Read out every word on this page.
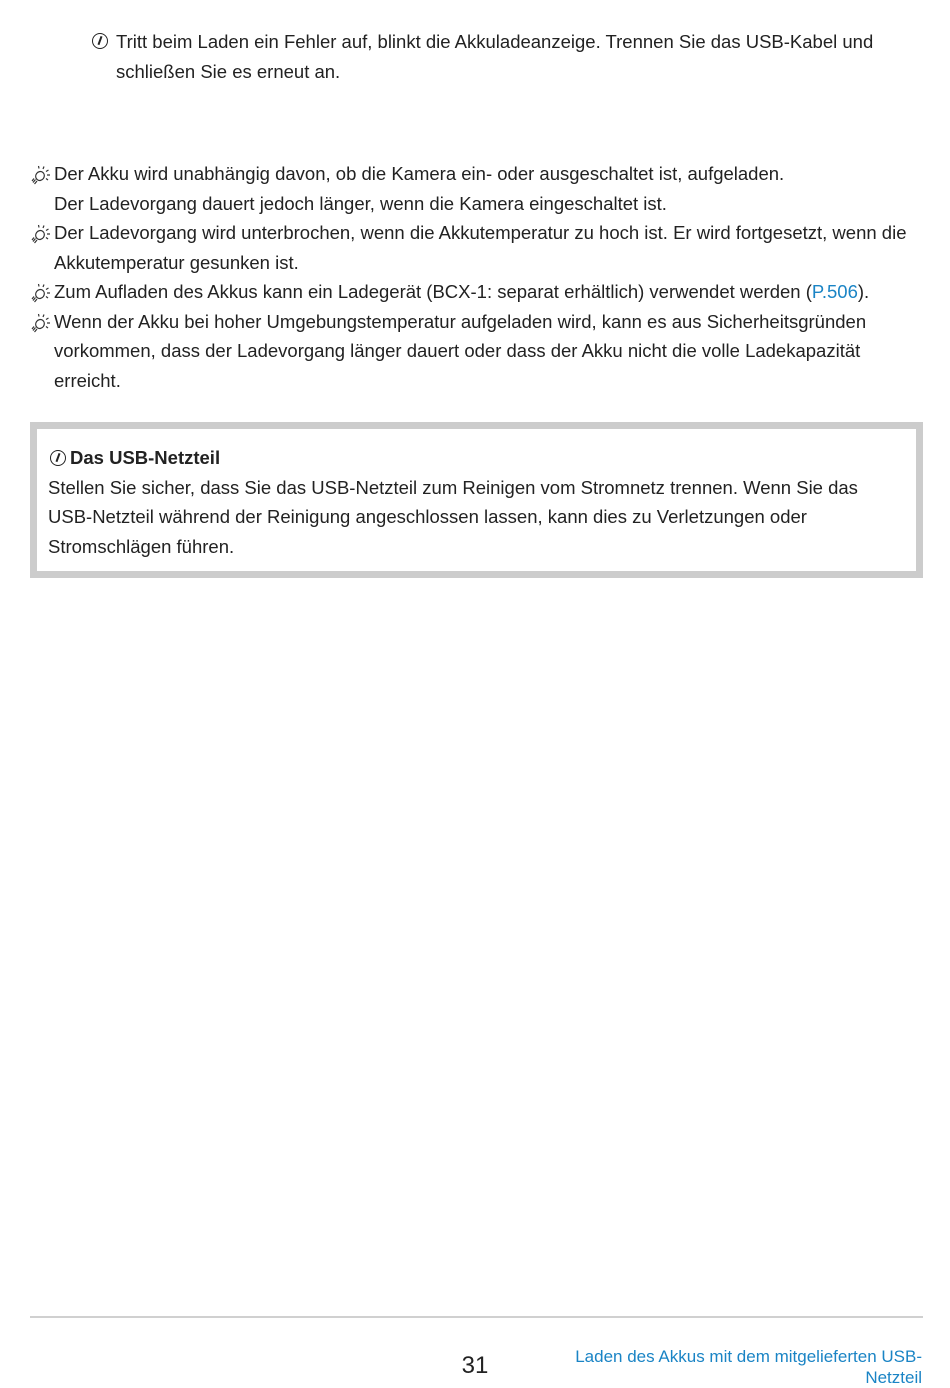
Tritt beim Laden ein Fehler auf, blinkt die Akkuladeanzeige. Trennen Sie das USB-Kabel und schließen Sie es erneut an.
Der Akku wird unabhängig davon, ob die Kamera ein- oder ausgeschaltet ist, aufgeladen.
Der Ladevorgang dauert jedoch länger, wenn die Kamera eingeschaltet ist.
Der Ladevorgang wird unterbrochen, wenn die Akkutemperatur zu hoch ist. Er wird fortgesetzt, wenn die Akkutemperatur gesunken ist.
Zum Aufladen des Akkus kann ein Ladegerät (BCX-1: separat erhältlich) verwendet werden (P.506).
Wenn der Akku bei hoher Umgebungstemperatur aufgeladen wird, kann es aus Sicherheitsgründen vorkommen, dass der Ladevorgang länger dauert oder dass der Akku nicht die volle Ladekapazität erreicht.
Das USB-Netzteil
Stellen Sie sicher, dass Sie das USB-Netzteil zum Reinigen vom Stromnetz trennen. Wenn Sie das USB-Netzteil während der Reinigung angeschlossen lassen, kann dies zu Verletzungen oder Stromschlägen führen.
31	Laden des Akkus mit dem mitgelieferten USB-Netzteil
